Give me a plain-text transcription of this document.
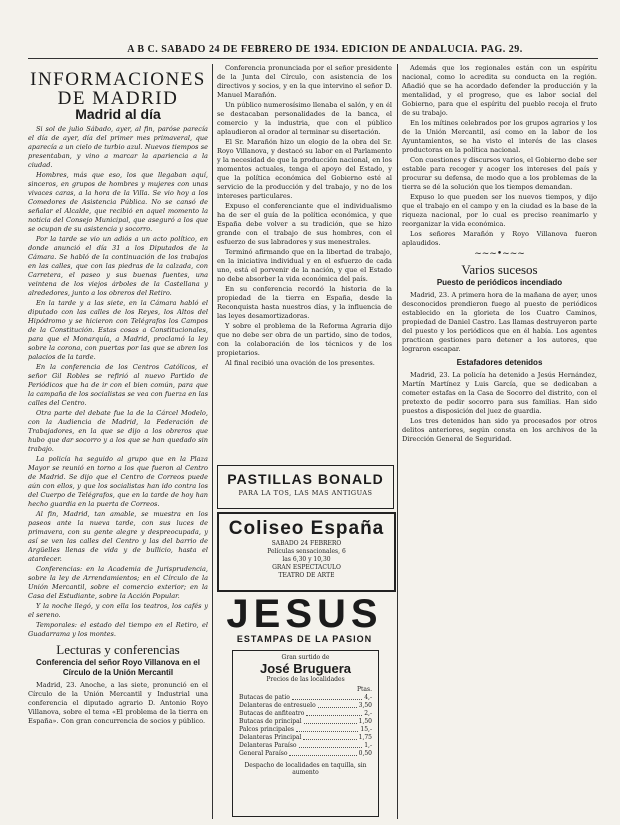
A B C. SABADO 24 DE FEBRERO DE 1934. EDICION DE ANDALUCIA. PAG. 29.
INFORMACIONES DE MADRID
Madrid al día

Si sol de julio Sábado, ayer, al fin, paróse parecía el día de ayer, día del primer mes primaveral, que aparecía a un cielo de turbio azul. Nuevos tiempos se presentaban, y vino a marcar la apariencia a la ciudad.

Hombres, más que eso, los que llegaban aquí, sinceros, en grupos de hombres y mujeres con unas vivaces caras, a la hora de la Villa. Se vio hoy a los Comedores de Asistencia Pública. No se cansó de señalar el Alcalde, que recibió en aquel momento la noticia del Consejo Municipal, que aseguró a los que se ocupan de su asistencia y socorro.

Por la tarde se vio un adiós a un acto político, en donde anunció el día 31 a los Diputados de la Cámara. Se habló de la continuación de los trabajos en las calles, que con las piedras de la calzada, con Carretera, el paseo y sus buenas fuentes, una veintena de los viejos árboles de la Castellana y alrededores, junto a los obreros del Retiro.

En la tarde y a las siete, en la Cámara habló el diputado con las calles de los Reyes, los Altos del Hipódromo y se hicieron con Telégrafos los Campos de la Constitución. Estas cosas a Constitucionales, para que el Monarquía, a Madrid, proclamó la ley sobre la corona, con puertas por las que se abren los palacios de la tarde.

En la conferencia de los Centros Católicos, el señor Gil Robles se refirió al nuevo Partido de Periódicos que ha de ir con el bien común, para que la campaña de los socialistas se vea con fuerza en las calles del Centro.

Otra parte del debate fue la de la Cárcel Modelo, con la Audiencia de Madrid, la Federación de Trabajadores, en la que se dijo a los obreros que hubo que dar socorro y a los que se han quedado sin trabajo.

La policía ha seguido al grupo que en la Plaza Mayor se reunió en torno a los que fueron al Centro de Madrid. Se dijo que el Centro de Correos puede aún con ellos, y que los socialistas han ido contra los del Cuerpo de Telégrafos, que en la tarde de hoy han hecho guardia en la puerta de Correos.

Al fin, Madrid, tan amable, se muestra en los paseos ante la nueva tarde, con sus luces de primavera, con su gente alegre y despreocupada, y así se ven las calles del Centro y las del barrio de Argüelles llenas de vida y de bullicio, hasta el atardecer.

Conferencias: en la Academia de Jurisprudencia, sobre la ley de Arrendamientos; en el Círculo de la Unión Mercantil, sobre el comercio exterior; en la Casa del Estudiante, sobre la Acción Popular.

Y la noche llegó, y con ella los teatros, los cafés y el sereno.

Temporales: el estado del tiempo en el Retiro, el Guadarrama y los montes.

Lecturas y conferencias
Conferencia del señor Royo Villanova en el Círculo de la Unión Mercantil

Madrid, 23. Anoche, a las siete, pronunció en el Círculo de la Unión Mercantil y Industrial una conferencia el diputado agrario D. Antonio Royo Villanova, sobre el tema «El problema de la tierra en España». Con gran concurrencia de socios y público.

Conferencia pronunciada por el señor presidente de la Junta del Círculo, con asistencia de los directivos y socios, y en la que intervino el señor D. Manuel Marañón.

Un público numerosísimo llenaba el salón, y en él se destacaban personalidades de la banca, el comercio y la industria, que con el público aplaudieron al orador al terminar su disertación.

El Sr. Marañón hizo un elogio de la obra del Sr. Royo Villanova, y destacó su labor en el Parlamento y la necesidad de que la producción nacional, en los momentos actuales, tenga el apoyo del Estado, y que la política económica del Gobierno esté al servicio de la producción y del trabajo, y no de los intereses particulares.

Expuso el conferenciante que el individualismo ha de ser el guía de la política económica, y que España debe volver a su tradición, que se hizo grande con el trabajo de sus hombres, con el esfuerzo de sus labradores y sus menestrales.

Terminó afirmando que en la libertad de trabajo, en la iniciativa individual y en el esfuerzo de cada uno, está el porvenir de la nación, y que el Estado no debe absorber la vida económica del país.

En su conferencia recordó la historia de la propiedad de la tierra en España, desde la Reconquista hasta nuestros días, y la influencia de las leyes desamortizadoras.

Y sobre el problema de la Reforma Agraria dijo que no debe ser obra de un partido, sino de todos, con la colaboración de los técnicos y de los propietarios.

Al final recibió una ovación de los presentes.

PASTILLAS BONALD
PARA LA TOS, LAS MAS ANTIGUAS
Coliseo España
SABADO 24 FEBRERO
Películas sensacionales, 6
las 6,30 y 10,30
GRAN ESPECTACULO
TEATRO DE ARTE
JESUS
ESTAMPAS DE LA PASION
Gran surtido de
José Bruguera
Precios de las localidades
Ptas.
Butacas de patio	4,-
Delanteras de entresuelo	3,50
Butacas de anfiteatro	2,-
Butacas de principal	1,50
Palcos principales	15,-
Delanteras Principal	1,75
Delanteras Paraíso	1,-
General Paraíso	0,50
Despacho de localidades en taquilla, sin aumento

Además que los regionales están con un espíritu nacional, como lo acredita su conducta en la región. Añadió que se ha acordado defender la producción y la mentalidad, y el progreso, que es labor social del Gobierno, para que el espíritu del pueblo recoja el fruto de su trabajo.

En los mítines celebrados por los grupos agrarios y los de la Unión Mercantil, así como en la labor de los Ayuntamientos, se ha visto el interés de las clases productoras en la política nacional.

Con cuestiones y discursos varios, el Gobierno debe ser estable para recoger y acoger los intereses del país y procurar su defensa, de modo que a los problemas de la tierra se dé la solución que los tiempos demandan.

Expuso lo que pueden ser los nuevos tiempos, y dijo que el trabajo en el campo y en la ciudad es la base de la riqueza nacional, por lo cual es preciso reanimarlo y reorganizar la vida económica.

Los señores Marañón y Royo Villanova fueron aplaudidos.

~~~•~~~
Varios sucesos
Puesto de periódicos incendiado

Madrid, 23. A primera hora de la mañana de ayer, unos desconocidos prendieron fuego al puesto de periódicos establecido en la glorieta de los Cuatro Caminos, propiedad de Daniel Castro. Las llamas destruyeron parte del puesto y los periódicos que en él había. Los agentes practican gestiones para detener a los autores, que lograron escapar.

Estafadores detenidos

Madrid, 23. La policía ha detenido a Jesús Hernández, Martín Martínez y Luis García, que se dedicaban a cometer estafas en la Casa de Socorro del distrito, con el pretexto de pedir socorro para sus familias. Han sido puestos a disposición del juez de guardia.

Los tres detenidos han sido ya procesados por otros delitos anteriores, según consta en los archivos de la Dirección General de Seguridad.
